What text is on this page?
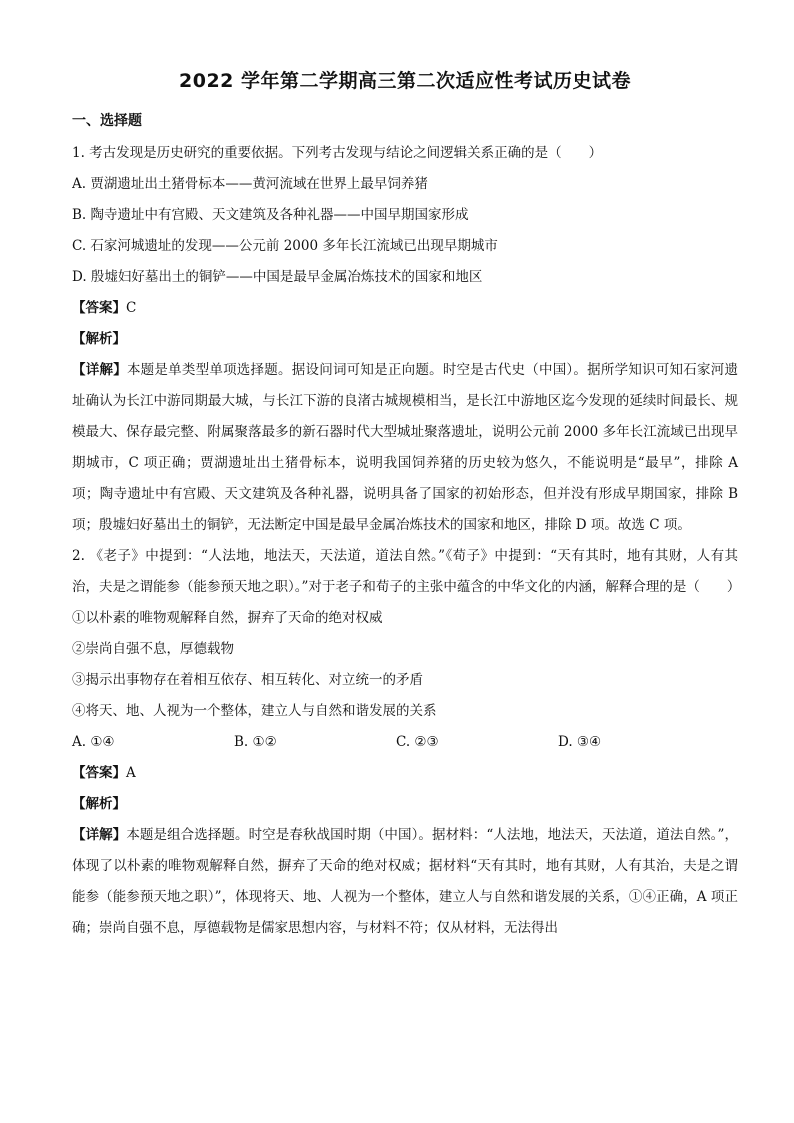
2022 学年第二学期高三第二次适应性考试历史试卷
一、选择题
1. 考古发现是历史研究的重要依据。下列考古发现与结论之间逻辑关系正确的是（　　）
A. 贾湖遗址出土猪骨标本——黄河流域在世界上最早饲养猪
B. 陶寺遗址中有宫殿、天文建筑及各种礼器——中国早期国家形成
C. 石家河城遗址的发现——公元前 2000 多年长江流域已出现早期城市
D. 殷墟妇好墓出土的铜铲——中国是最早金属冶炼技术的国家和地区
【答案】C
【解析】
【详解】本题是单类型单项选择题。据设问词可知是正向题。时空是古代史（中国）。据所学知识可知石家河遗址确认为长江中游同期最大城，与长江下游的良渚古城规模相当，是长江中游地区迄今发现的延续时间最长、规模最大、保存最完整、附属聚落最多的新石器时代大型城址聚落遗址，说明公元前 2000 多年长江流域已出现早期城市，C 项正确；贾湖遗址出土猪骨标本，说明我国饲养猪的历史较为悠久，不能说明是“最早”，排除 A 项；陶寺遗址中有宫殿、天文建筑及各种礼器，说明具备了国家的初始形态，但并没有形成早期国家，排除 B 项；殷墟妇好墓出土的铜铲，无法断定中国是最早金属冶炼技术的国家和地区，排除 D 项。故选 C 项。
2. 《老子》中提到：“人法地，地法天，天法道，道法自然。”《荀子》中提到：“天有其时，地有其财，人有其治，夫是之谓能参（能参预天地之职）。”对于老子和荀子的主张中蕴含的中华文化的内涵，解释合理的是（　　）
①以朴素的唯物观解释自然，摒弃了天命的绝对权威
②崇尚自强不息，厚德载物
③揭示出事物存在着相互依存、相互转化、对立统一的矛盾
④将天、地、人视为一个整体，建立人与自然和谐发展的关系
A. ①④	B. ①②	C. ②③	D. ③④
【答案】A
【解析】
【详解】本题是组合选择题。时空是春秋战国时期（中国）。据材料：“人法地，地法天，天法道，道法自然。”，体现了以朴素的唯物观解释自然，摒弃了天命的绝对权威；据材料“天有其时，地有其财，人有其治，夫是之谓能参（能参预天地之职）”，体现将天、地、人视为一个整体，建立人与自然和谐发展的关系，①④正确，A 项正确；崇尚自强不息，厚德载物是儒家思想内容，与材料不符；仅从材料，无法得出
